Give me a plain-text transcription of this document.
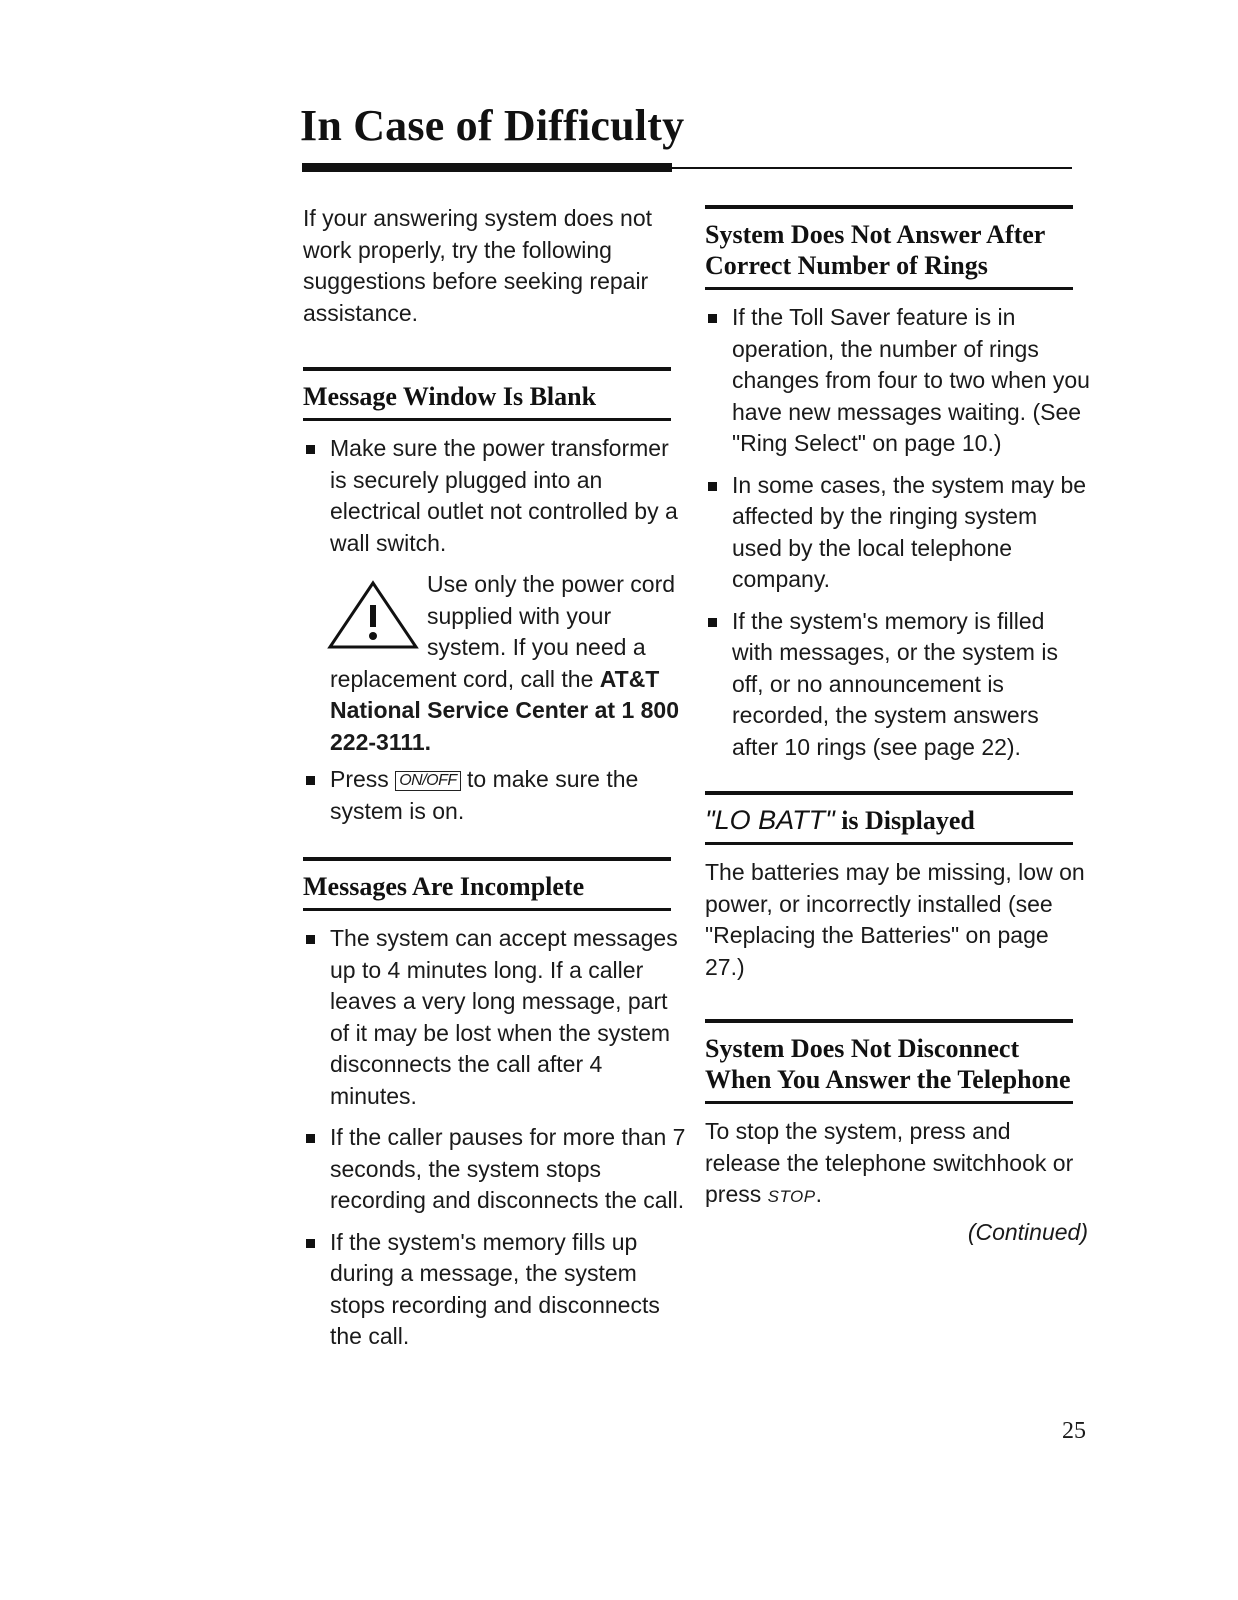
In Case of Difficulty

If your answering system does not work properly, try the following suggestions before seeking repair assistance.

Message Window Is Blank
Make sure the power transformer is securely plugged into an electrical outlet not controlled by a wall switch.
Use only the power cord supplied with your system. If you need a replacement cord, call the AT&T National Service Center at 1 800 222-3111.
Press ON/OFF to make sure the system is on.
Messages Are Incomplete
The system can accept messages up to 4 minutes long. If a caller leaves a very long message, part of it may be lost when the system disconnects the call after 4 minutes.
If the caller pauses for more than 7 seconds, the system stops recording and disconnects the call.
If the system's memory fills up during a message, the system stops recording and disconnects the call.
System Does Not Answer After Correct Number of Rings
If the Toll Saver feature is in operation, the number of rings changes from four to two when you have new messages waiting. (See "Ring Select" on page 10.)
In some cases, the system may be affected by the ringing system used by the local telephone company.
If the system's memory is filled with messages, or the system is off, or no announcement is recorded, the system answers after 10 rings (see page 22).
"LO BATT" is Displayed

The batteries may be missing, low on power, or incorrectly installed (see "Replacing the Batteries" on page 27.)

System Does Not Disconnect When You Answer the Telephone

To stop the system, press and release the telephone switchhook or press STOP.

(Continued)
25
